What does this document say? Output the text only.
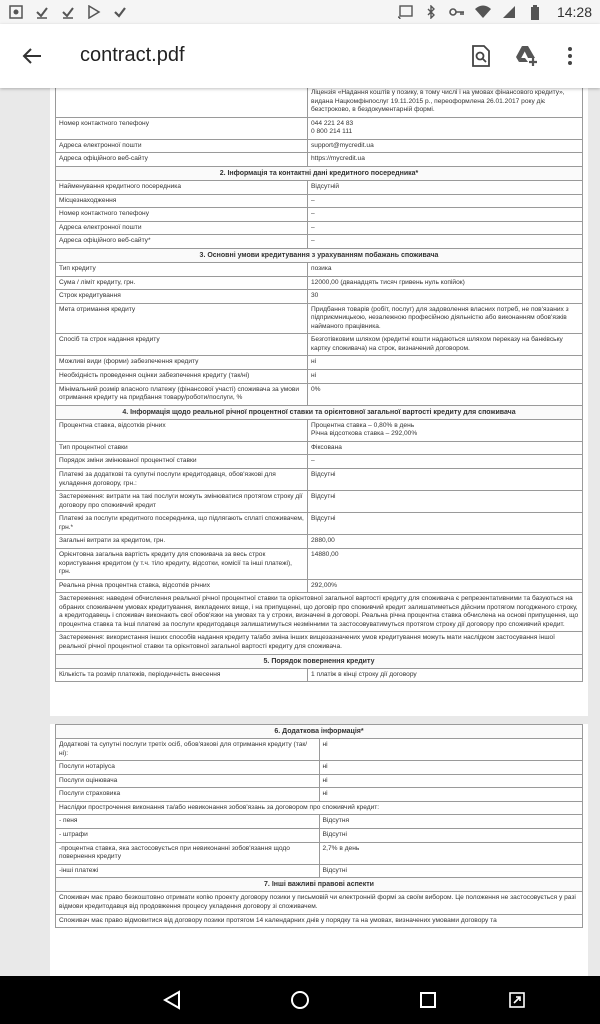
14:28
contract.pdf
	Ліцензія «Надання коштів у позику, в тому числі і на умовах фінансового кредиту», видана Нацкомфінпослуг 19.11.2015 р., переоформлена 26.01.2017 року діє безстроково, в бездокументарній формі.
Номер контактного телефону	044 221 24 83
0 800 214 111
Адреса електронної пошти	support@mycredit.ua
Адреса офіційного веб-сайту	https://mycredit.ua
2. Інформація та контактні дані кредитного посередника*	
Найменування кредитного посередника	Відсутній
Місцезнаходження	–
Номер контактного телефону	–
Адреса електронної пошти	–
Адреса офіційного веб-сайту*	–
3. Основні умови кредитування з урахуванням побажань споживача	
Тип кредиту	позика
Сума / ліміт кредиту, грн.	12000,00 (дванадцять тисяч гривень нуль копійок)
Строк кредитування	30
Мета отримання кредиту	Придбання товарів (робіт, послуг) для задоволення власних потреб, не пов'язаних з підприємницькою, незалежною професійною діяльністю або виконанням обов'язків найманого працівника.
Спосіб та строк надання кредиту	Безготівковим шляхом (кредитні кошти надаються шляхом переказу на банківську картку споживача) на строк, визначений договором.
Можливі види (форми) забезпечення кредиту	ні
Необхідність проведення оцінки забезпечення кредиту (так/ні)	ні
Мінімальний розмір власного платежу (фінансової участі) споживача за умови отримання кредиту на придбання товару/роботи/послуги, %	0%
4. Інформація щодо реальної річної процентної ставки та орієнтовної загальної вартості кредиту для споживача	
Процентна ставка, відсотків річних	Процентна ставка – 0,80% в день
Річна відсоткова ставка – 292,00%
Тип процентної ставки	Фіксована
Порядок зміни змінюваної процентної ставки	–
Платежі за додаткові та супутні послуги кредитодавця, обов'язкові для укладення договору, грн.:	Відсутні
Застереження: витрати на такі послуги можуть змінюватися протягом строку дії договору про споживчий кредит	Відсутні
Платежі за послуги кредитного посередника, що підлягають сплаті споживачем, грн.*	Відсутні
Загальні витрати за кредитом, грн.	2880,00
Орієнтовна загальна вартість кредиту для споживача за весь строк користування кредитом (у т.ч. тіло кредиту, відсотки, комісії та інші платежі), грн.	14880,00
Реальна річна процентна ставка, відсотків річних	292,00%
Застереження: наведені обчислення реальної річної процентної ставки та орієнтовної загальної вартості кредиту для споживача є репрезентативними та базуються на обраних споживачем умовах кредитування, викладених вище, і на припущенні, що договір про споживчий кредит залишатиметься дійсним протягом погодженого строку, а кредитодавець і споживач виконають свої обов'язки на умовах та у строки, визначені в договорі. Реальна річна процентна ставка обчислена на основі припущення, що процентна ставка та інші платежі за послуги кредитодавця залишатимуться незмінними та застосовуватимуться протягом строку дії договору про споживчий кредит.	
Застереження: використання інших способів надання кредиту та/або зміна інших вищезазначених умов кредитування можуть мати наслідком застосування іншої реальної річної процентної ставки та орієнтовної загальної вартості кредиту для споживача.	
5. Порядок повернення кредиту	
Кількість та розмір платежів, періодичність внесення	1 платіж в кінці строку дії договору
6. Додаткова інформація*	
Додаткові та супутні послуги третіх осіб, обов'язкові для отримання кредиту (так/ні):	ні
Послуги нотаріуса	ні
Послуги оцінювача	ні
Послуги страховика	ні
Наслідки прострочення виконання та/або невиконання зобов'язань за договором про споживчий кредит:	
- пеня	Відсутня
- штрафи	Відсутні
-процентна ставка, яка застосовується при невиконанні зобов'язання щодо повернення кредиту	2,7% в день
-інші платежі	Відсутні
7. Інші важливі правові аспекти	
Споживач має право безкоштовно отримати копію проекту договору позики у письмовій чи електронній формі за своїм вибором. Це положення не застосовується у разі відмови кредитодавця від продовження процесу укладення договору зі споживачем.	
Споживач має право відмовитися від договору позики протягом 14 календарних днів у порядку та на умовах, визначених умовами договору та	
